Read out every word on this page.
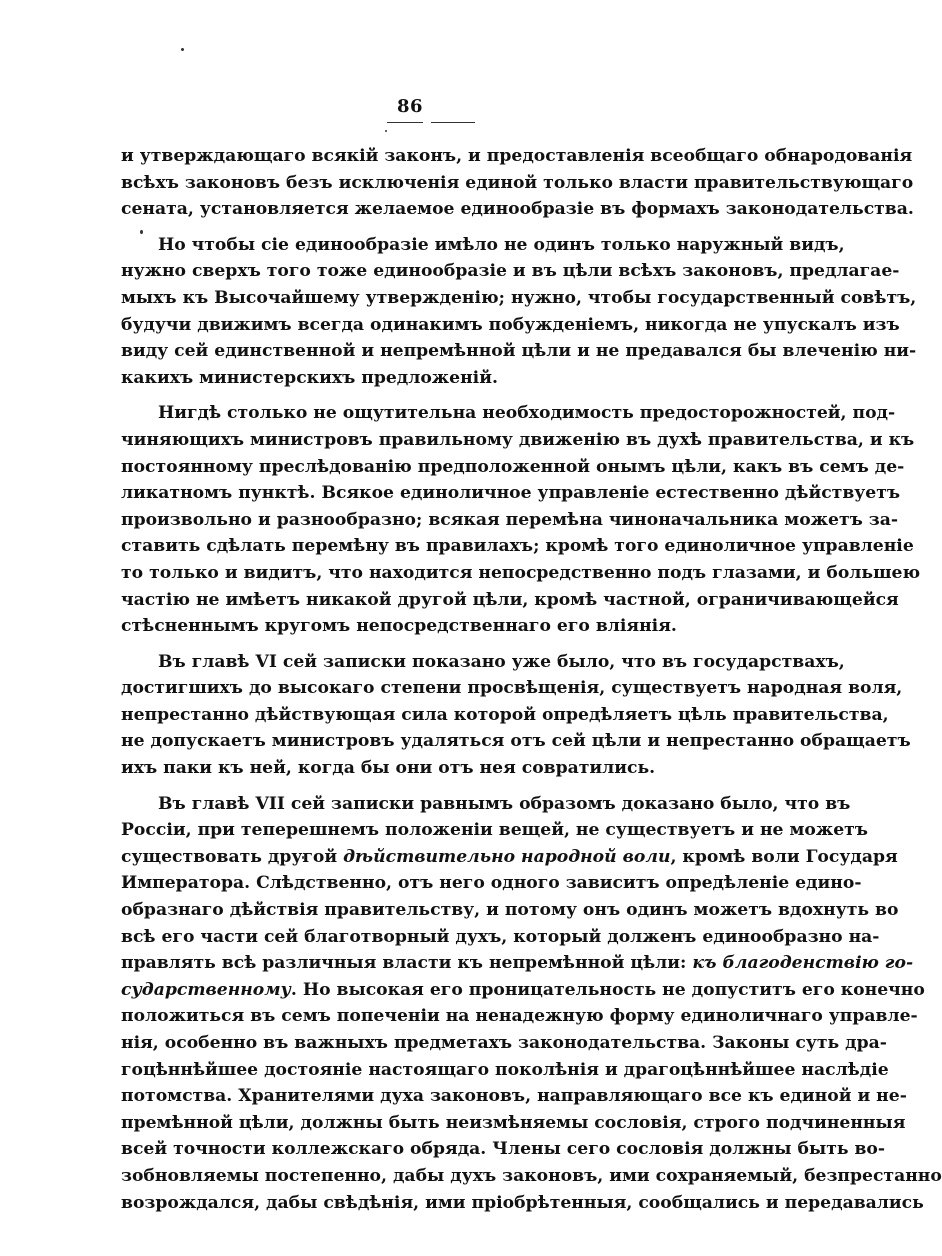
86
и утверждающаго всякій законъ, и предоставленія всеобщаго обнародованія
всѣхъ законовъ безъ исключенія единой только власти правительствующаго
сената, установляется желаемое единообразіе въ формахъ законодательства.
Но чтобы сіе единообразіе имѣло не одинъ только наружный видъ,
нужно сверхъ того тоже единообразіе и въ цѣли всѣхъ законовъ, предлагае-
мыхъ къ Высочайшему утвержденію; нужно, чтобы государственный совѣтъ,
будучи движимъ всегда одинакимъ побужденіемъ, никогда не упускалъ изъ
виду сей единственной и непремѣнной цѣли и не предавался бы влеченію ни-
какихъ министерскихъ предложеній.
Нигдѣ столько не ощутительна необходимость предосторожностей, под-
чиняющихъ министровъ правильному движенію въ духѣ правительства, и къ
постоянному преслѣдованію предположенной онымъ цѣли, какъ въ семъ де-
ликатномъ пунктѣ. Всякое единоличное управленіе естественно дѣйствуетъ
произвольно и разнообразно; всякая перемѣна чиноначальника можетъ за-
ставить сдѣлать перемѣну въ правилахъ; кромѣ того единоличное управленіе
то только и видитъ, что находится непосредственно подъ глазами, и большею
частію не имѣетъ никакой другой цѣли, кромѣ частной, ограничивающейся
стѣсненнымъ кругомъ непосредственнаго его вліянія.
Въ главѣ VI сей записки показано уже было, что въ государствахъ,
достигшихъ до высокаго степени просвѣщенія, существуетъ народная воля,
непрестанно дѣйствующая сила которой опредѣляетъ цѣль правительства,
не допускаетъ министровъ удаляться отъ сей цѣли и непрестанно обращаетъ
ихъ паки къ ней, когда бы они отъ нея совратились.
Въ главѣ VII сей записки равнымъ образомъ доказано было, что въ
Россіи, при теперешнемъ положеніи вещей, не существуетъ и не можетъ
существовать другой дѣйствительно народной воли, кромѣ воли Государя
Императора. Слѣдственно, отъ него одного зависитъ опредѣленіе едино-
образнаго дѣйствія правительству, и потому онъ одинъ можетъ вдохнуть во
всѣ его части сей благотворный духъ, который долженъ единообразно на-
правлять всѣ различныя власти къ непремѣнной цѣли: къ благоденствію го-
сударственному. Но высокая его проницательность не допуститъ его конечно
положиться въ семъ попеченіи на ненадежную форму единоличнаго управле-
нія, особенно въ важныхъ предметахъ законодательства. Законы суть дра-
гоцѣннѣйшее достояніе настоящаго поколѣнія и драгоцѣннѣйшее наслѣдіе
потомства. Хранителями духа законовъ, направляющаго все къ единой и не-
премѣнной цѣли, должны быть неизмѣняемы сословія, строго подчиненныя
всей точности коллежскаго обряда. Члены сего сословія должны быть во-
зобновляемы постепенно, дабы духъ законовъ, ими сохраняемый, безпрестанно
возрождался, дабы свѣдѣнія, ими пріобрѣтенныя, сообщались и передавались
